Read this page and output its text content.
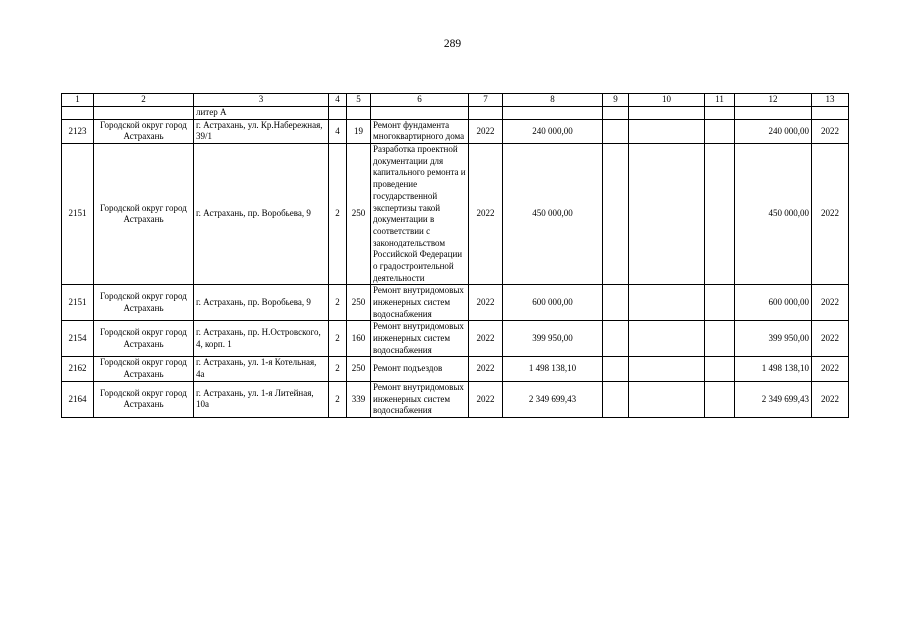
289
1	2	3	4	5	6	7	8	9	10	11	12	13
		литер А										
2123	Городской округ город Астрахань	г. Астрахань, ул. Кр.Набережная, 39/1	4	19	Ремонт фундамента многоквартирного дома	2022	240 000,00				240 000,00	2022
2151	Городской округ город Астрахань	г. Астрахань, пр. Воробьева, 9	2	250	Разработка проектной документации для капитального ремонта и проведение государственной экспертизы такой документации в соответствии с законодательством Российской Федерации о градостроительной деятельности	2022	450 000,00				450 000,00	2022
2151	Городской округ город Астрахань	г. Астрахань, пр. Воробьева, 9	2	250	Ремонт внутридомовых инженерных систем водоснабжения	2022	600 000,00				600 000,00	2022
2154	Городской округ город Астрахань	г. Астрахань, пр. Н.Островского, 4, корп. 1	2	160	Ремонт внутридомовых инженерных систем водоснабжения	2022	399 950,00				399 950,00	2022
2162	Городской округ город Астрахань	г. Астрахань, ул. 1-я Котельная, 4а	2	250	Ремонт подъездов	2022	1 498 138,10				1 498 138,10	2022
2164	Городской округ город Астрахань	г. Астрахань, ул. 1-я Литейная, 10а	2	339	Ремонт внутридомовых инженерных систем водоснабжения	2022	2 349 699,43				2 349 699,43	2022
